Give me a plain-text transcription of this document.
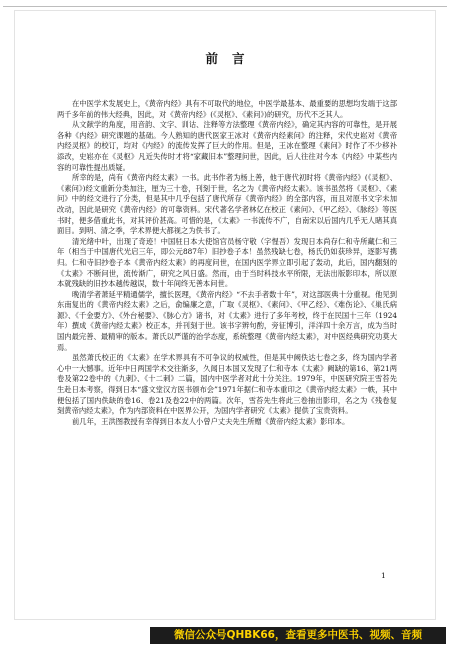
前言

在中医学术发展史上，《黄帝内经》具有不可取代的地位，中医学最基本、最重要的思想均发端于这部两千多年前的伟大经典，因此，对《黄帝内经》(《灵枢》、《素问》)的研究，历代不乏其人。

从文献学的角度，用音韵、文字、训诂、注释等方法整理《黄帝内经》，确定其内容的可靠性，是开展各种《内经》研究课题的基础。今人熟知的唐代医家王冰对《黄帝内经素问》的注释，宋代史崧对《黄帝内经灵枢》的校订，均对《内经》的流传发挥了巨大的作用。但是，王冰在整理《素问》时作了不少移补添改，史崧亦在《灵枢》凡近失传时才将“家藏旧本”整理问世，因此，后人往往对今本《内经》中某些内容的可靠性提出质疑。

所幸的是，尚有《黄帝内经太素》一书。此书作者为杨上善，他于唐代初时将《黄帝内经》(《灵枢》、《素问》)经文重新分类加注，厘为三十卷，刊刻于世，名之为《黄帝内经太素》。该书虽然将《灵枢》、《素问》中的经文进行了分类，但是其中几乎包括了唐代所存《黄帝内经》的全部内容，而且对原书文字未加改动，因此是研究《黄帝内经》的可靠资料。宋代著名学者林亿在校正《素问》、《甲乙经》、《脉经》等医书时，便多借重此书，对其评价甚高。可惜的是，《太素》一书流传不广，自南宋以后国内几乎无人睹其真面目。到明、清之季，学术界便大都视之为佚书了。

清光绪中叶，出现了奇迹！中国驻日本大使馆官员杨守敬（字惺吾）发现日本尚存仁和寺所藏仁和三年（相当于中国唐代光启三年，即公元887年）旧抄卷子本！虽然残缺七卷，杨氏仍如获珍异，逐影写携归。仁和寺旧抄卷子本《黄帝内经太素》的再度问世，在国内医学界立即引起了轰动，此后，国内翻刻的《太素》不断问世，流传渐广，研究之风日盛。然而，由于当时科技水平所限，无法出版影印本，所以原本就残缺的旧抄本越传越误，数十年间终无善本问世。

晚清学者萧延平精通儒学，擅长医理，《黄帝内经》“不去手者数十年”，对这部医典十分重视。他见到东南复出的《黄帝内经太素》之后，俞编廉之意，广取《灵枢》、《素问》、《甲乙经》、《难伤论》、《巢氏病源》、《千金要方》、《外台秘要》、《脉心方》诸书，对《太素》进行了多年考校，终于在民国十三年（1924年）撰成《黄帝内经太素》校正本，并刊刻于世。该书字辨句酌，旁征博引，洋洋四十余万言，成为当时国内最完善、最精审的版本。萧氏以严谨的治学态度，系统整理《黄帝内经太素》，对中医经典研究功莫大焉。

虽然萧氏校正的《太素》在学术界具有不可争议的权威性，但是其中阙佚达七卷之多，终为国内学者心中一大憾事。近年中日两国学术交往渐多，久闻日本国又发现了仁和寺本《太素》阙缺的第16、第21两卷及第22卷中的《九刺》、《十二刺》二篇，国内中医学者对此十分关注。1979年，中医研究院王雪苔先生赴日本考察，得到日本“盛文堂汉方医书颁布会”1971年据仁和寺本重印之《黄帝内经太素》一帙，其中便包括了国内佚缺的卷16、卷21及卷22中的两篇。次年，雪苔先生将此三卷抽出影印，名之为《残卷复刻黄帝内经太素》，作为内部资料在中医界公开，为国内学者研究《太素》提供了宝贵资料。

前几年，王洪图教授有幸得到日本友人小曾户丈夫先生所赠《黄帝内经太素》影印本。

1
微信公众号QHBK66，查看更多中医书、视频、音频
